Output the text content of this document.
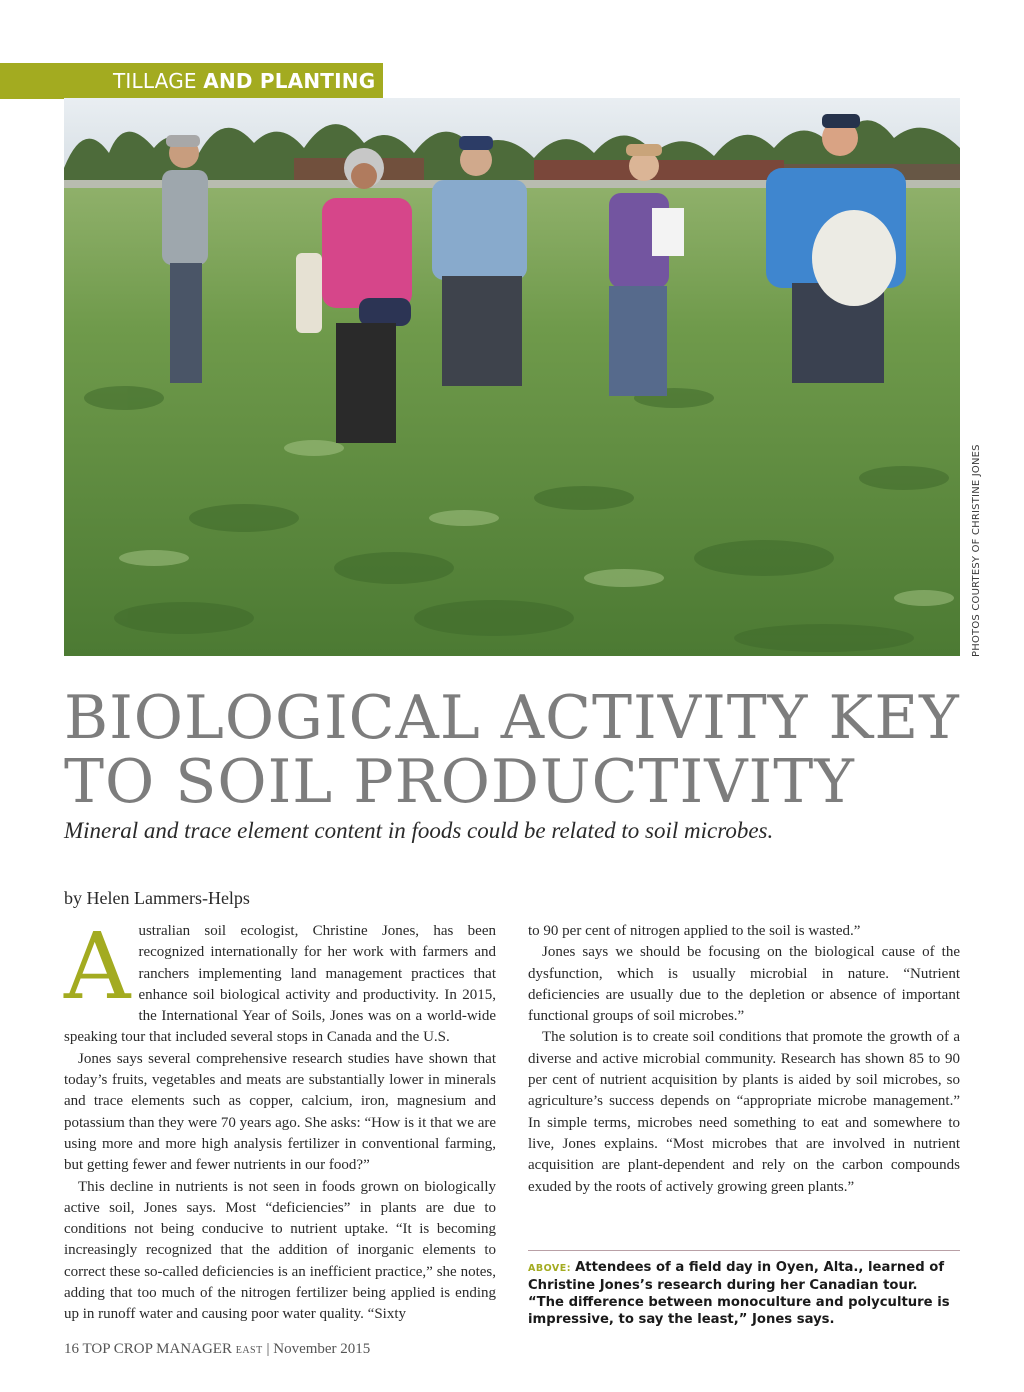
TILLAGE AND PLANTING
PHOTOS COURTESY OF CHRISTINE JONES
BIOLOGICAL ACTIVITY KEY
TO SOIL PRODUCTIVITY

Mineral and trace element content in foods could be related to soil microbes.

by Helen Lammers-Helps

Australian soil ecologist, Christine Jones, has been recognized internationally for her work with farmers and ranchers implementing land management practices that enhance soil biological activity and productivity. In 2015, the International Year of Soils, Jones was on a world-wide speaking tour that included several stops in Canada and the U.S.

Jones says several comprehensive research studies have shown that today’s fruits, vegetables and meats are substantially lower in minerals and trace elements such as copper, calcium, iron, magnesium and potassium than they were 70 years ago. She asks: “How is it that we are using more and more high analysis fertilizer in conventional farming, but getting fewer and fewer nutrients in our food?”

This decline in nutrients is not seen in foods grown on biologically active soil, Jones says. Most “deficiencies” in plants are due to conditions not being conducive to nutrient uptake. “It is becoming increasingly recognized that the addition of inorganic elements to correct these so-called deficiencies is an inefficient practice,” she notes, adding that too much of the nitrogen fertilizer being applied is ending up in runoff water and causing poor water quality. “Sixty

to 90 per cent of nitrogen applied to the soil is wasted.”

Jones says we should be focusing on the biological cause of the dysfunction, which is usually microbial in nature. “Nutrient deficiencies are usually due to the depletion or absence of important functional groups of soil microbes.”

The solution is to create soil conditions that promote the growth of a diverse and active microbial community. Research has shown 85 to 90 per cent of nutrient acquisition by plants is aided by soil microbes, so agriculture’s success depends on “appropriate microbe management.” In simple terms, microbes need something to eat and somewhere to live, Jones explains. “Most microbes that are involved in nutrient acquisition are plant-dependent and rely on the carbon compounds exuded by the roots of actively growing green plants.”

ABOVE: Attendees of a field day in Oyen, Alta., learned of Christine Jones’s research during her Canadian tour. “The difference between monoculture and polyculture is impressive, to say the least,” Jones says.

16 TOP CROP MANAGER EAST | November 2015
